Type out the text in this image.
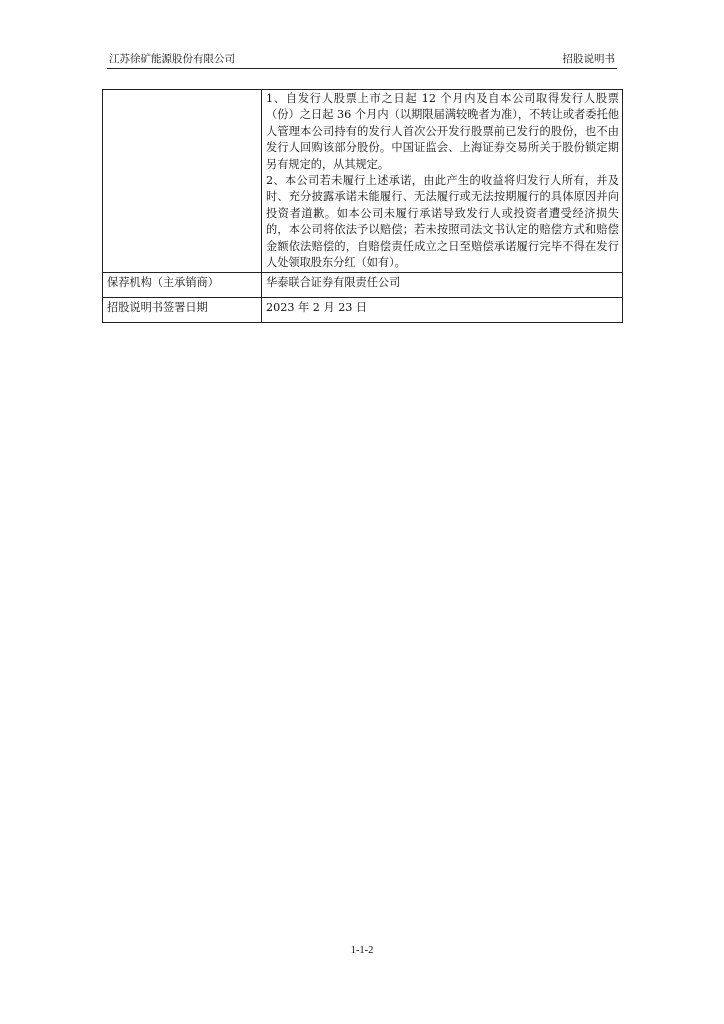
江苏徐矿能源股份有限公司	招股说明书

	1、自发行人股票上市之日起 12 个月内及自本公司取得发行人股票（份）之日起 36 个月内（以期限届满较晚者为准），不转让或者委托他人管理本公司持有的发行人首次公开发行股票前已发行的股份，也不由发行人回购该部分股份。中国证监会、上海证券交易所关于股份锁定期另有规定的，从其规定。

2、本公司若未履行上述承诺，由此产生的收益将归发行人所有，并及时、充分披露承诺未能履行、无法履行或无法按期履行的具体原因并向投资者道歉。如本公司未履行承诺导致发行人或投资者遭受经济损失的，本公司将依法予以赔偿；若未按照司法文书认定的赔偿方式和赔偿金额依法赔偿的，自赔偿责任成立之日至赔偿承诺履行完毕不得在发行人处领取股东分红（如有）。

保荐机构（主承销商）	华泰联合证券有限责任公司
招股说明书签署日期	2023 年 2 月 23 日
1-1-2
